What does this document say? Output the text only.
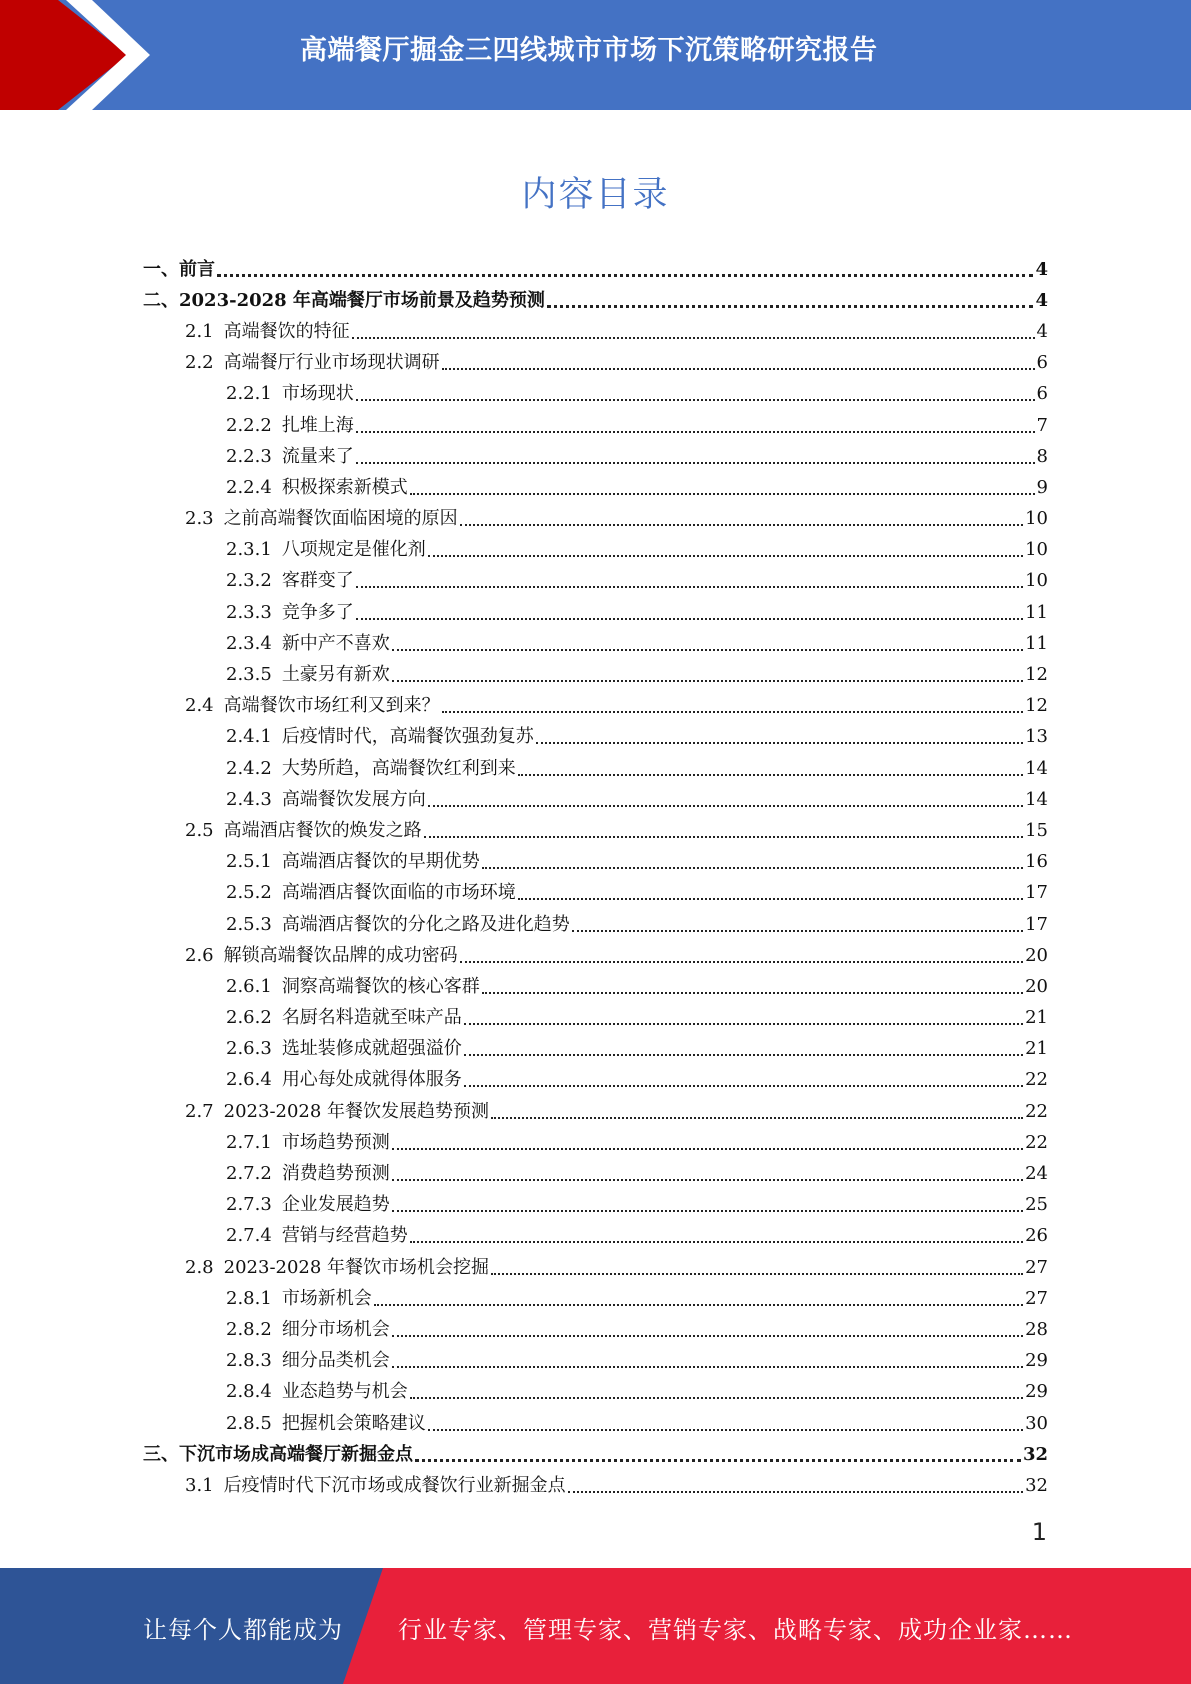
高端餐厅掘金三四线城市市场下沉策略研究报告
内容目录
一、 前言	4
二、 2023-2028 年高端餐厅市场前景及趋势预测	4
2.1 高端餐饮的特征	4
2.2 高端餐厅行业市场现状调研	6
2.2.1 市场现状	6
2.2.2 扎堆上海	7
2.2.3 流量来了	8
2.2.4 积极探索新模式	9
2.3 之前高端餐饮面临困境的原因	10
2.3.1 八项规定是催化剂	10
2.3.2 客群变了	10
2.3.3 竞争多了	11
2.3.4 新中产不喜欢	11
2.3.5 土豪另有新欢	12
2.4 高端餐饮市场红利又到来？	12
2.4.1 后疫情时代，高端餐饮强劲复苏	13
2.4.2 大势所趋，高端餐饮红利到来	14
2.4.3 高端餐饮发展方向	14
2.5 高端酒店餐饮的焕发之路	15
2.5.1 高端酒店餐饮的早期优势	16
2.5.2 高端酒店餐饮面临的市场环境	17
2.5.3 高端酒店餐饮的分化之路及进化趋势	17
2.6 解锁高端餐饮品牌的成功密码	20
2.6.1 洞察高端餐饮的核心客群	20
2.6.2 名厨名料造就至味产品	21
2.6.3 选址装修成就超强溢价	21
2.6.4 用心每处成就得体服务	22
2.7 2023-2028 年餐饮发展趋势预测	22
2.7.1 市场趋势预测	22
2.7.2 消费趋势预测	24
2.7.3 企业发展趋势	25
2.7.4 营销与经营趋势	26
2.8 2023-2028 年餐饮市场机会挖掘	27
2.8.1 市场新机会	27
2.8.2 细分市场机会	28
2.8.3 细分品类机会	29
2.8.4 业态趋势与机会	29
2.8.5 把握机会策略建议	30
三、 下沉市场成高端餐厅新掘金点	32
3.1 后疫情时代下沉市场或成餐饮行业新掘金点	32
1
让每个人都能成为 行业专家、管理专家、营销专家、战略专家、成功企业家……
